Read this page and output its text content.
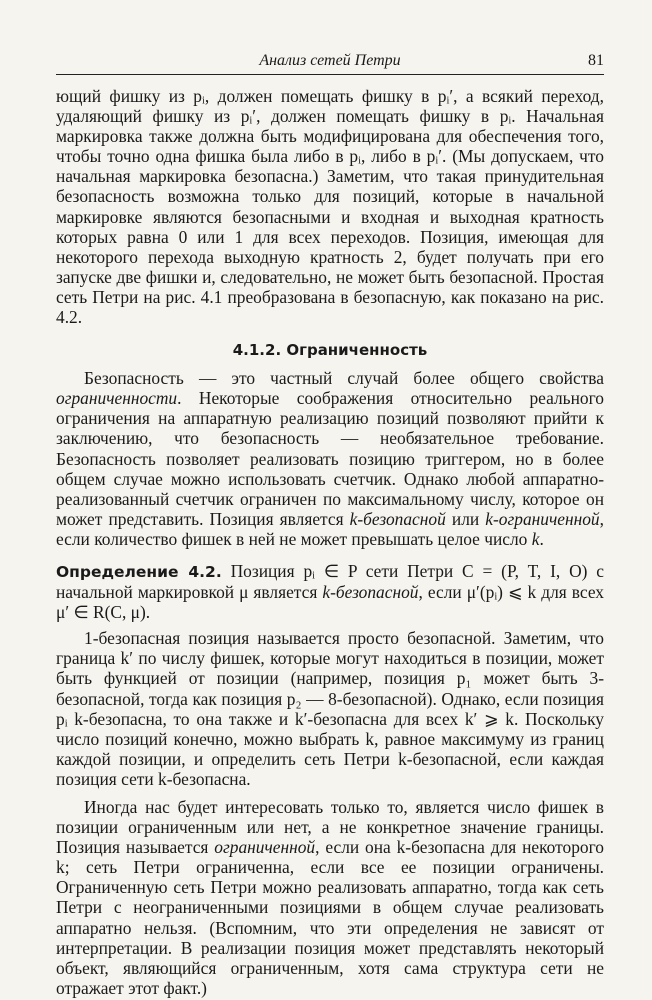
Анализ сетей Петри	81

ющий фишку из pᵢ, должен помещать фишку в pᵢ′, а всякий переход, удаляющий фишку из pᵢ′, должен помещать фишку в pᵢ. Начальная маркировка также должна быть модифицирована для обеспечения того, чтобы точно одна фишка была либо в pᵢ, либо в pᵢ′. (Мы допускаем, что начальная маркировка безопасна.) Заметим, что такая принудительная безопасность возможна только для позиций, которые в начальной маркировке являются безопасными и входная и выходная кратность которых равна 0 или 1 для всех переходов. Позиция, имеющая для некоторого перехода выходную кратность 2, будет получать при его запуске две фишки и, следовательно, не может быть безопасной. Простая сеть Петри на рис. 4.1 преобразована в безопасную, как показано на рис. 4.2.

4.1.2. Ограниченность

Безопасность — это частный случай более общего свойства ограниченности. Некоторые соображения относительно реального ограничения на аппаратную реализацию позиций позволяют прийти к заключению, что безопасность — необязательное требование. Безопасность позволяет реализовать позицию триггером, но в более общем случае можно использовать счетчик. Однако любой аппаратно-реализованный счетчик ограничен по максимальному числу, которое он может представить. Позиция является k-безопасной или k-ограниченной, если количество фишек в ней не может превышать целое число k.

Определение 4.2. Позиция pᵢ ∈ P сети Петри C = (P, T, I, O) с начальной маркировкой μ является k-безопасной, если μ′(pᵢ) ⩽ k для всех μ′ ∈ R(C, μ).

1-безопасная позиция называется просто безопасной. Заметим, что граница k′ по числу фишек, которые могут находиться в позиции, может быть функцией от позиции (например, позиция p₁ может быть 3-безопасной, тогда как позиция p₂ — 8-безопасной). Однако, если позиция pᵢ k-безопасна, то она также и k′-безопасна для всех k′ ⩾ k. Поскольку число позиций конечно, можно выбрать k, равное максимуму из границ каждой позиции, и определить сеть Петри k-безопасной, если каждая позиция сети k-безопасна.

Иногда нас будет интересовать только то, является число фишек в позиции ограниченным или нет, а не конкретное значение границы. Позиция называется ограниченной, если она k-безопасна для некоторого k; сеть Петри ограниченна, если все ее позиции ограничены. Ограниченную сеть Петри можно реализовать аппаратно, тогда как сеть Петри с неограниченными позициями в общем случае реализовать аппаратно нельзя. (Вспомним, что эти определения не зависят от интерпретации. В реализации позиция может представлять некоторый объект, являющийся ограниченным, хотя сама структура сети не отражает этот факт.)
